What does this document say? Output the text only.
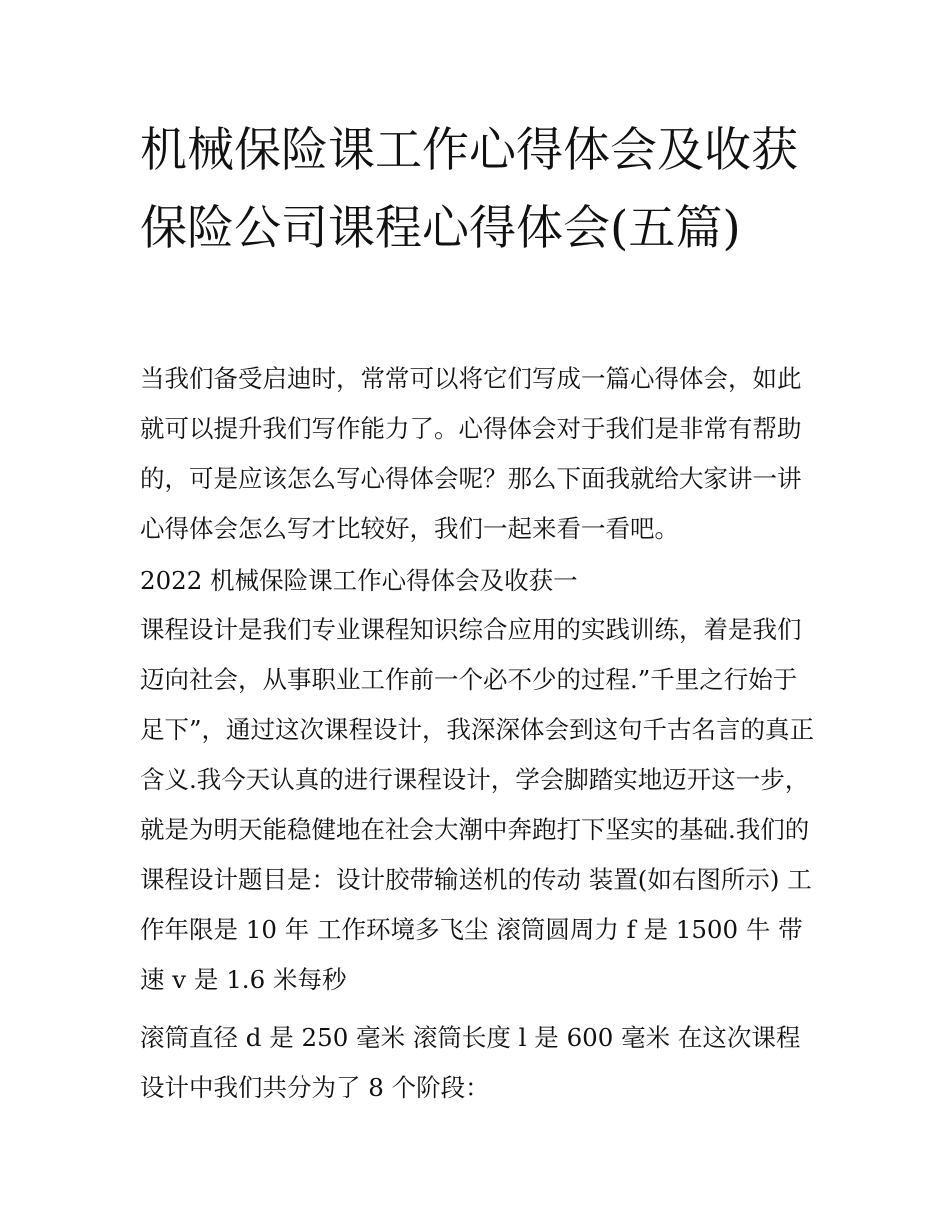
机械保险课工作心得体会及收获 保险公司课程心得体会(五篇)

当我们备受启迪时，常常可以将它们写成一篇心得体会，如此就可以提升我们写作能力了。心得体会对于我们是非常有帮助的，可是应该怎么写心得体会呢？那么下面我就给大家讲一讲心得体会怎么写才比较好，我们一起来看一看吧。

2022 机械保险课工作心得体会及收获一

课程设计是我们专业课程知识综合应用的实践训练，着是我们迈向社会，从事职业工作前一个必不少的过程.”千里之行始于足下”，通过这次课程设计，我深深体会到这句千古名言的真正含义.我今天认真的进行课程设计，学会脚踏实地迈开这一步，就是为明天能稳健地在社会大潮中奔跑打下坚实的基础.我们的课程设计题目是：设计胶带输送机的传动 装置(如右图所示) 工作年限是 10 年 工作环境多飞尘 滚筒圆周力 f 是 1500 牛 带速 v 是 1.6 米每秒

滚筒直径 d 是 250 毫米 滚筒长度 l 是 600 毫米 在这次课程设计中我们共分为了 8 个阶段：
